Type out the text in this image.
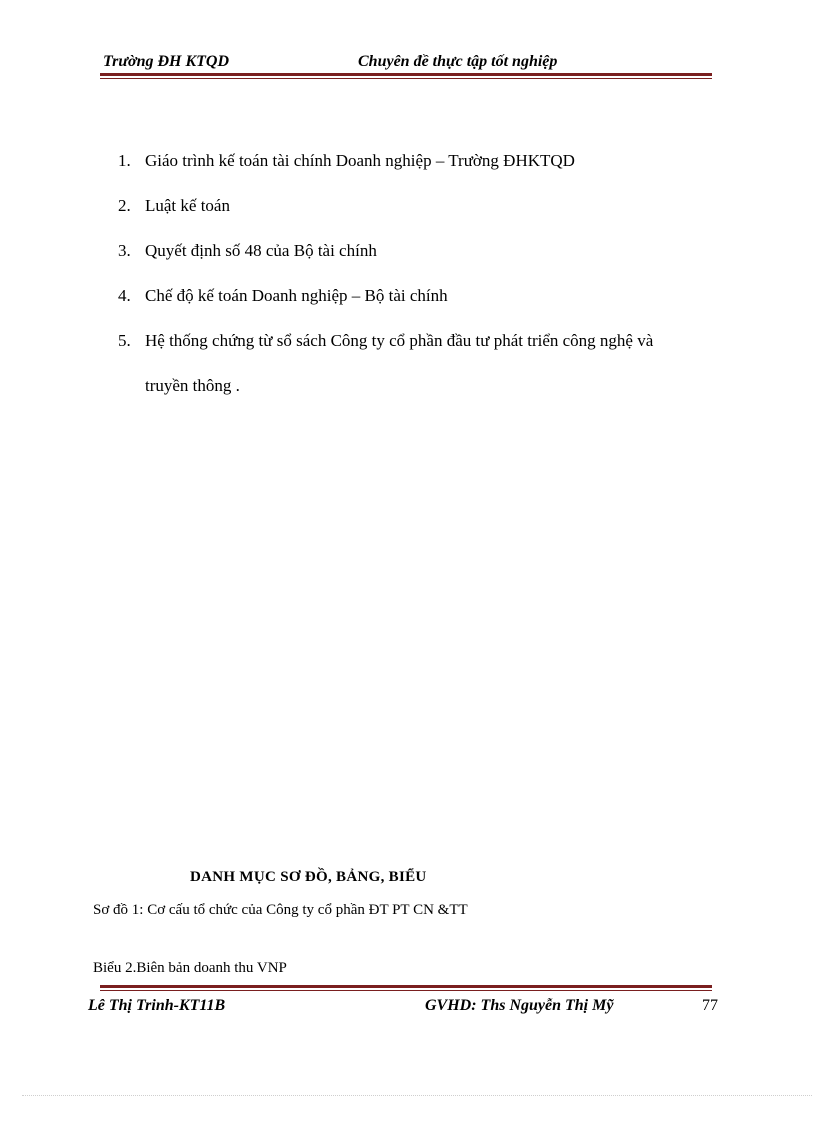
Trường ĐH KTQD	Chuyên đề thực tập tốt nghiệp
1. Giáo trình kế toán tài chính Doanh nghiệp – Trường ĐHKTQD
2. Luật kế toán
3. Quyết định số 48 của Bộ tài chính
4. Chế độ kế toán Doanh nghiệp – Bộ tài chính
5. Hệ thống chứng từ sổ sách Công ty cổ phần đầu tư phát triển công nghệ và
truyền thông .
DANH MỤC SƠ ĐỒ, BẢNG, BIỂU
Sơ đồ 1: Cơ cấu tổ chức của Công ty cổ phần ĐT PT CN &TT
Biểu 2.Biên bản doanh thu VNP
Lê Thị Trinh-KT11B	GVHD: Ths Nguyễn Thị Mỹ	77
